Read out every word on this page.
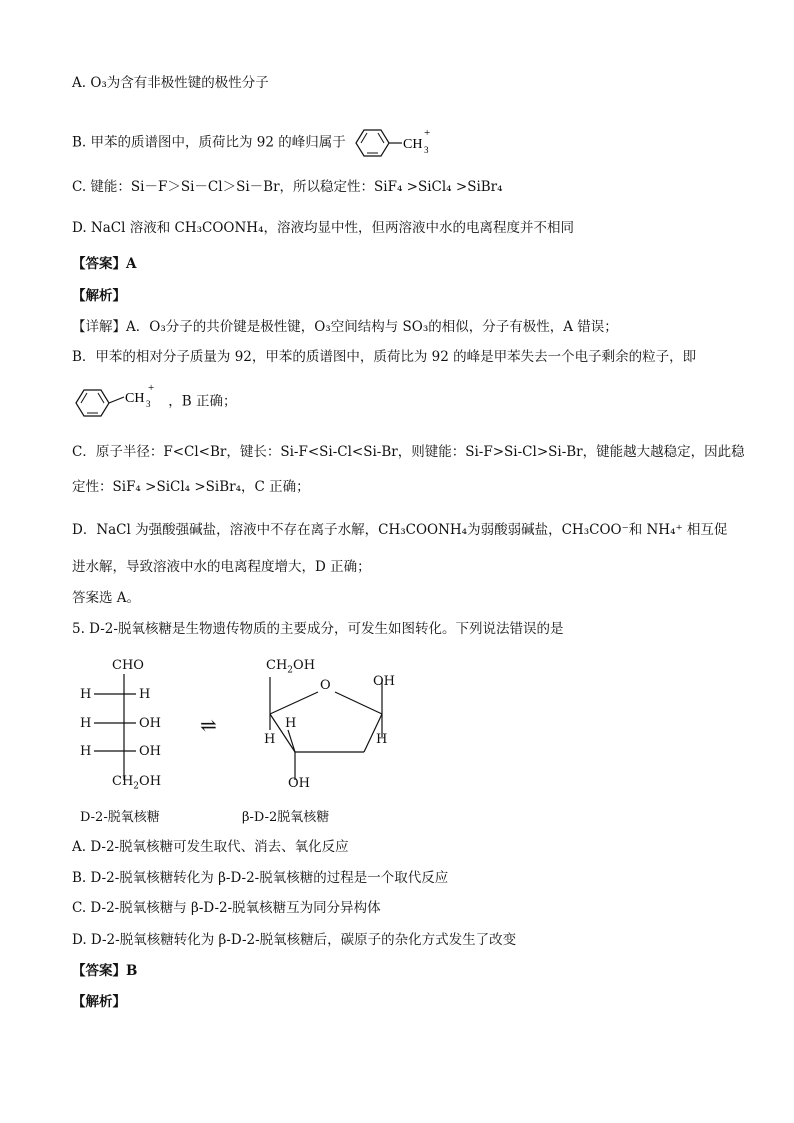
A. O₃为含有非极性键的极性分子
B. 甲苯的质谱图中，质荷比为 92 的峰归属于	CH 3
+
C. 键能：Si－F＞Si－Cl＞Si－Br，所以稳定性：SiF₄ >SiCl₄ >SiBr₄
D. NaCl 溶液和 CH₃COONH₄，溶液均显中性，但两溶液中水的电离程度并不相同
【答案】A
【解析】
【详解】A．O₃分子的共价键是极性键，O₃空间结构与 SO₃的相似，分子有极性，A 错误；
B．甲苯的相对分子质量为 92，甲苯的质谱图中，质荷比为 92 的峰是甲苯失去一个电子剩余的粒子，即
CH 3
+
，B 正确；
C．原子半径：F<Cl<Br，键长：Si-F<Si-Cl<Si-Br，则键能：Si-F>Si-Cl>Si-Br，键能越大越稳定，因此稳
定性：SiF₄ >SiCl₄ >SiBr₄，C 正确；
D．NaCl 为强酸强碱盐，溶液中不存在离子水解，CH₃COONH₄为弱酸弱碱盐，CH₃COO⁻和 NH₄⁺ 相互促
进水解，导致溶液中水的电离程度增大，D 正确；
答案选 A。
5. D-2-脱氧核糖是生物遗传物质的主要成分，可发生如图转化。下列说法错误的是
CHO
H	H
H	OH
H	OH
$CH_2OH$
D-2-脱氧核糖
⇌
$CH_2OH$
O	OH
H
H	H
OH
β-D-2脱氧核糖
A. D-2-脱氧核糖可发生取代、消去、氧化反应
B. D-2-脱氧核糖转化为 β-D-2-脱氧核糖的过程是一个取代反应
C. D-2-脱氧核糖与 β-D-2-脱氧核糖互为同分异构体
D. D-2-脱氧核糖转化为 β-D-2-脱氧核糖后，碳原子的杂化方式发生了改变
【答案】B
【解析】
